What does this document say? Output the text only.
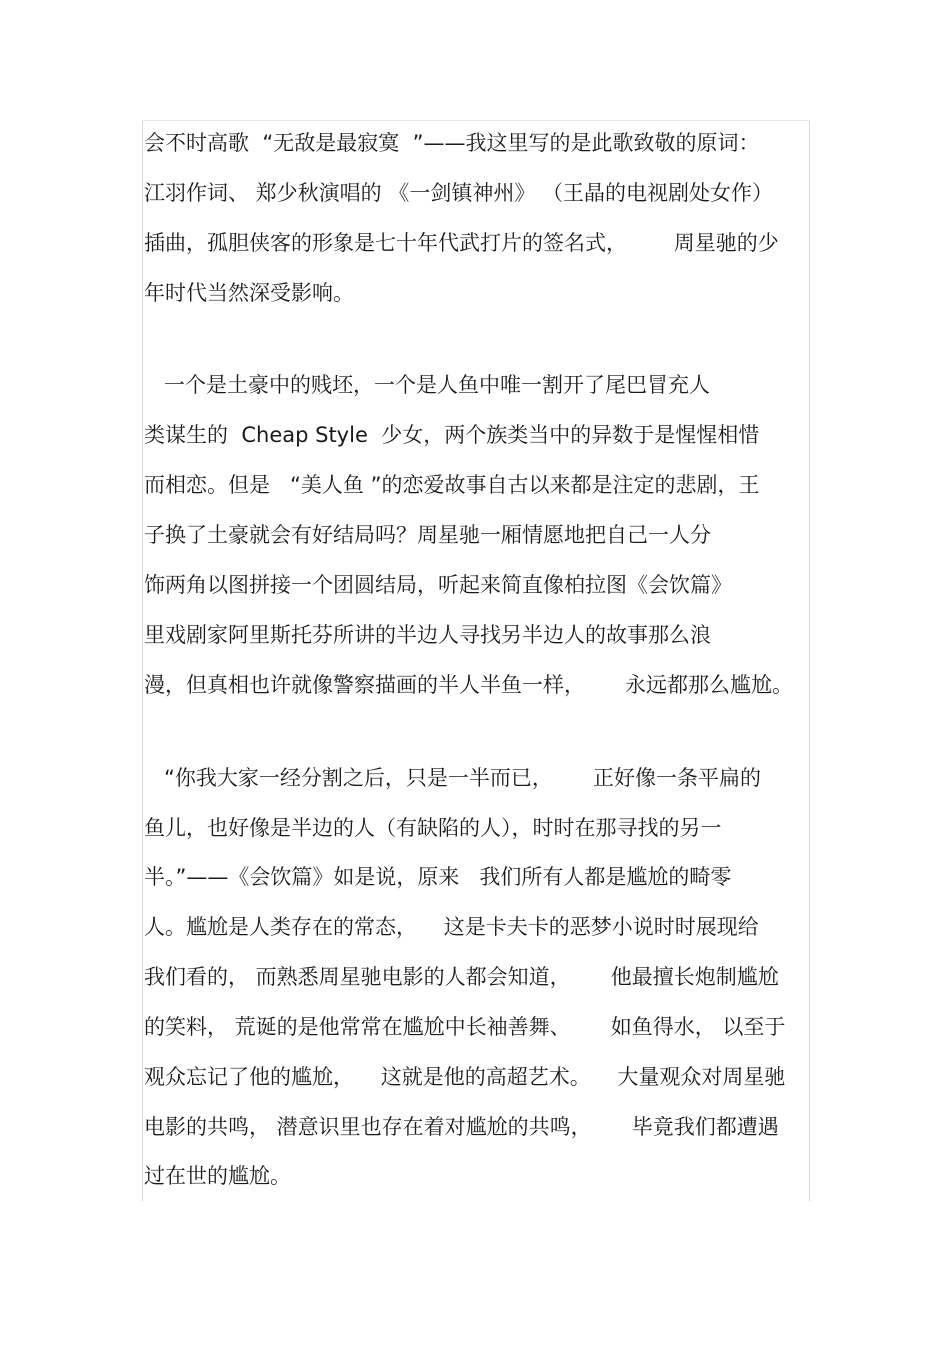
会不时高歌  “无敌是最寂寞  ”——我这里写的是此歌致敬的原词：
江羽作词、 郑少秋演唱的 《一剑镇神州》 （王晶的电视剧处女作）
插曲，孤胆侠客的形象是七十年代武打片的签名式，       周星驰的少
年时代当然深受影响。
一个是土豪中的贱坯，一个是人鱼中唯一割开了尾巴冒充人
类谋生的  Cheap Style  少女，两个族类当中的异数于是惺惺相惜
而相恋。但是   “美人鱼 ”的恋爱故事自古以来都是注定的悲剧，王
子换了土豪就会有好结局吗？周星驰一厢情愿地把自己一人分
饰两角以图拼接一个团圆结局，听起来简直像柏拉图《会饮篇》
里戏剧家阿里斯托芬所讲的半边人寻找另半边人的故事那么浪
漫，但真相也许就像警察描画的半人半鱼一样，      永远都那么尴尬。
“你我大家一经分割之后，只是一半而已，      正好像一条平扁的
鱼儿，也好像是半边的人（有缺陷的人），时时在那寻找的另一
半。”——《会饮篇》如是说，原来   我们所有人都是尴尬的畸零
人。尴尬是人类存在的常态，    这是卡夫卡的恶梦小说时时展现给
我们看的， 而熟悉周星驰电影的人都会知道，      他最擅长炮制尴尬
的笑料， 荒诞的是他常常在尴尬中长袖善舞、      如鱼得水， 以至于
观众忘记了他的尴尬，    这就是他的高超艺术。    大量观众对周星驰
电影的共鸣， 潜意识里也存在着对尴尬的共鸣，      毕竟我们都遭遇
过在世的尴尬。
